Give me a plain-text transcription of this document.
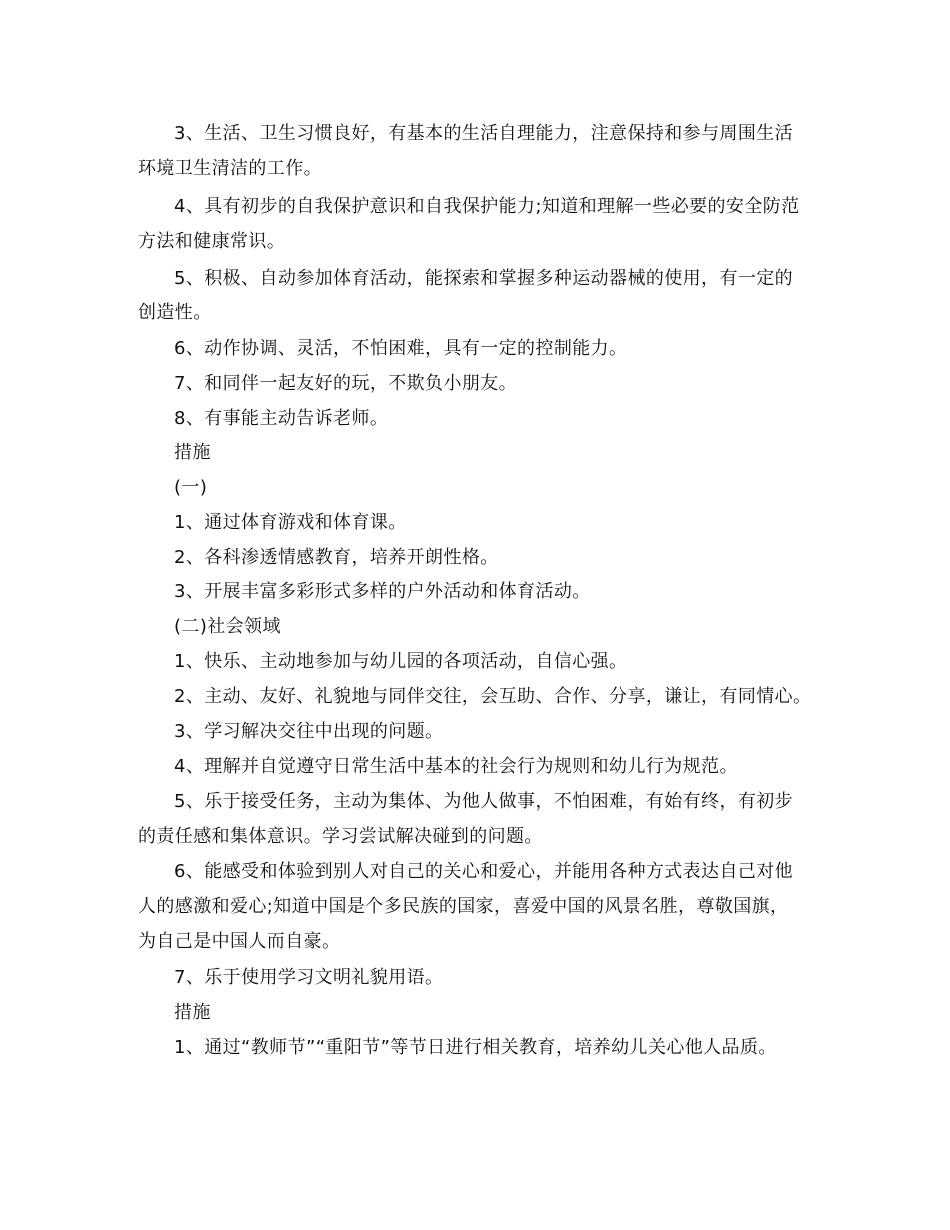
3、生活、卫生习惯良好，有基本的生活自理能力，注意保持和参与周围生活
环境卫生清洁的工作。
4、具有初步的自我保护意识和自我保护能力;知道和理解一些必要的安全防范
方法和健康常识。
5、积极、自动参加体育活动，能探索和掌握多种运动器械的使用，有一定的
创造性。
6、动作协调、灵活，不怕困难，具有一定的控制能力。
7、和同伴一起友好的玩，不欺负小朋友。
8、有事能主动告诉老师。
措施
(一)
1、通过体育游戏和体育课。
2、各科渗透情感教育，培养开朗性格。
3、开展丰富多彩形式多样的户外活动和体育活动。
(二)社会领域
1、快乐、主动地参加与幼儿园的各项活动，自信心强。
2、主动、友好、礼貌地与同伴交往，会互助、合作、分享，谦让，有同情心。
3、学习解决交往中出现的问题。
4、理解并自觉遵守日常生活中基本的社会行为规则和幼儿行为规范。
5、乐于接受任务，主动为集体、为他人做事，不怕困难，有始有终，有初步
的责任感和集体意识。学习尝试解决碰到的问题。
6、能感受和体验到别人对自己的关心和爱心，并能用各种方式表达自己对他
人的感激和爱心;知道中国是个多民族的国家，喜爱中国的风景名胜，尊敬国旗，
为自己是中国人而自豪。
7、乐于使用学习文明礼貌用语。
措施
1、通过“教师节”“重阳节”等节日进行相关教育，培养幼儿关心他人品质。
